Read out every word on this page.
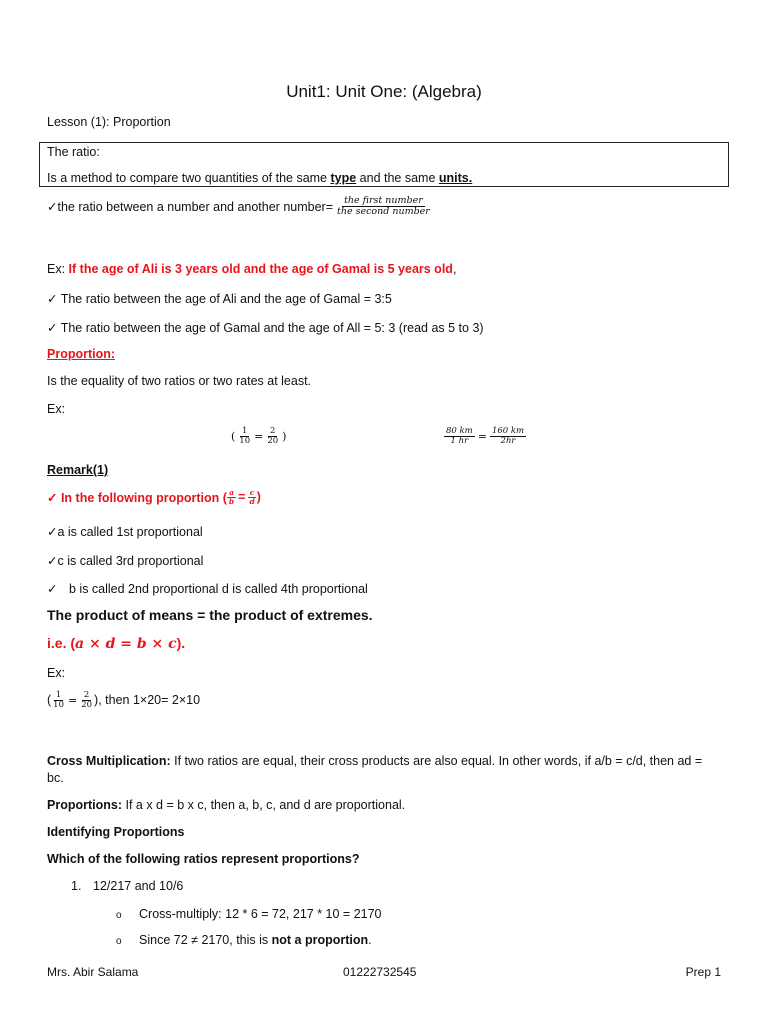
Unit1: Unit One: (Algebra)
Lesson (1): Proportion
The ratio:
Is a method to compare two quantities of the same type and the same units.
✓the ratio between a number and another number= $\frac{\text{the first number}}{\text{the second number}}$
Ex: If the age of Ali is 3 years old and the age of Gamal is 5 years old,
✓ The ratio between the age of Ali and the age of Gamal = 3:5
✓ The ratio between the age of Gamal and the age of All = 5: 3 (read as 5 to 3)
Proportion:
Is the equality of two ratios or two rates at least.
Ex:
( $\frac{1}{10} = \frac{2}{20}$ )	$\frac{80 km}{1 hr} = \frac{160 km}{2hr}$
Remark(1)
✓ In the following proportion ( $\frac{a}{b} = \frac{c}{d}$ )
✓a is called 1st proportional
✓c is called 3rd proportional
✓ b is called 2nd proportional d is called 4th proportional
The product of means = the product of extremes.
i.e. (a × d = b × c).
Ex:
( $\frac{1}{10} = \frac{2}{20}$ ), then 1×20= 2×10
Cross Multiplication: If two ratios are equal, their cross products are also equal. In other words, if a/b = c/d, then ad =
bc.
Proportions: If a x d = b x c, then a, b, c, and d are proportional.
Identifying Proportions
Which of the following ratios represent proportions?
1. 12/217 and 10/6
o Cross-multiply: 12 * 6 = 72, 217 * 10 = 2170
o Since 72 ≠ 2170, this is not a proportion.
Mrs. Abir Salama	01222732545	Prep 1
